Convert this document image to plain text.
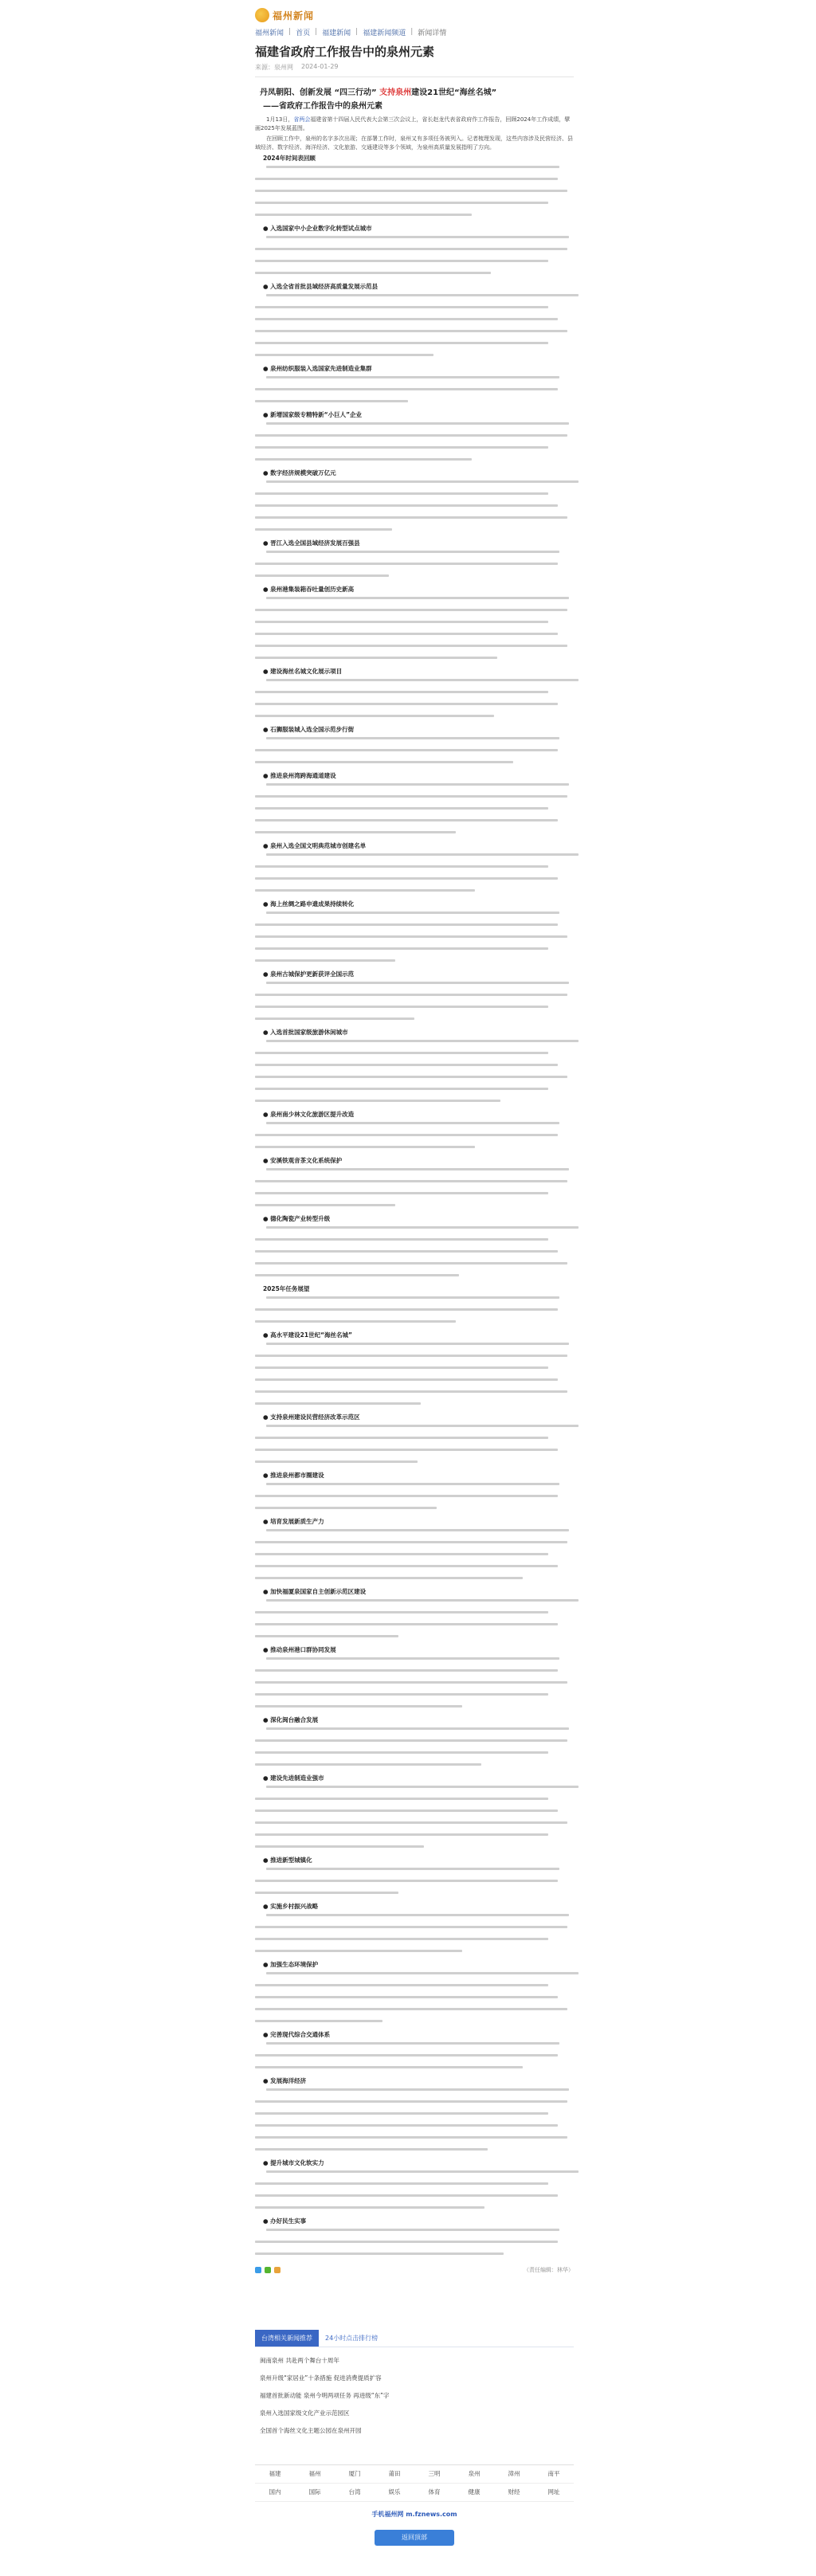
福州新闻
福州新闻 | 首页 | 福建新闻 | 福建新闻频道 | 新闻详情
福建省政府工作报告中的泉州元素
来源：泉州网 2024-01-29
丹凤朝阳、创新发展 “四三行动” 支持泉州建设21世纪“海丝名城”
——省政府工作报告中的泉州元素

1月13日，省两会福建省第十四届人民代表大会第三次会议上，省长赵龙代表省政府作工作报告，回顾2024年工作成绩，擘画2025年发展蓝图。

在回顾工作中，泉州的名字多次出现；在部署工作时，泉州又有多项任务被列入。记者梳理发现，这些内容涉及民营经济、县域经济、数字经济、海洋经济、文化旅游、交通建设等多个领域，为泉州高质量发展指明了方向。

2024年时间表回顾
● 入选国家中小企业数字化转型试点城市
● 入选全省首批县域经济高质量发展示范县
● 泉州纺织服装入选国家先进制造业集群
● 新增国家级专精特新“小巨人”企业
● 数字经济规模突破万亿元
● 晋江入选全国县域经济发展百强县
● 泉州港集装箱吞吐量创历史新高
● 建设海丝名城文化展示项目
● 石狮服装城入选全国示范步行街
● 推进泉州湾跨海通道建设
● 泉州入选全国文明典范城市创建名单
● 海上丝绸之路申遗成果持续转化
● 泉州古城保护更新获评全国示范
● 入选首批国家级旅游休闲城市
● 泉州南少林文化旅游区提升改造
● 安溪铁观音茶文化系统保护
● 德化陶瓷产业转型升级
2025年任务展望
● 高水平建设21世纪“海丝名城”
● 支持泉州建设民营经济改革示范区
● 推进泉州都市圈建设
● 培育发展新质生产力
● 加快福厦泉国家自主创新示范区建设
● 推动泉州港口群协同发展
● 深化闽台融合发展
● 建设先进制造业强市
● 推进新型城镇化
● 实施乡村振兴战略
● 加强生态环境保护
● 完善现代综合交通体系
● 发展海洋经济
● 提升城市文化软实力
● 办好民生实事
（责任编辑：林华）
台湾相关新闻推荐	24小时点击排行榜
闽南泉州 共赴两个舞台十周年
泉州升级“家居业”十条措施 促进消费提质扩容
福建首批新动能 泉州今明两项任务 再进级“东”字
泉州入选国家级文化产业示范园区
全国首个海丝文化主题公园在泉州开园
福建	福州	厦门	莆田	三明	泉州	漳州	南平
国内	国际	台湾	娱乐	体育	健康	财经	网址
手机福州网 m.fznews.com
返回顶部
